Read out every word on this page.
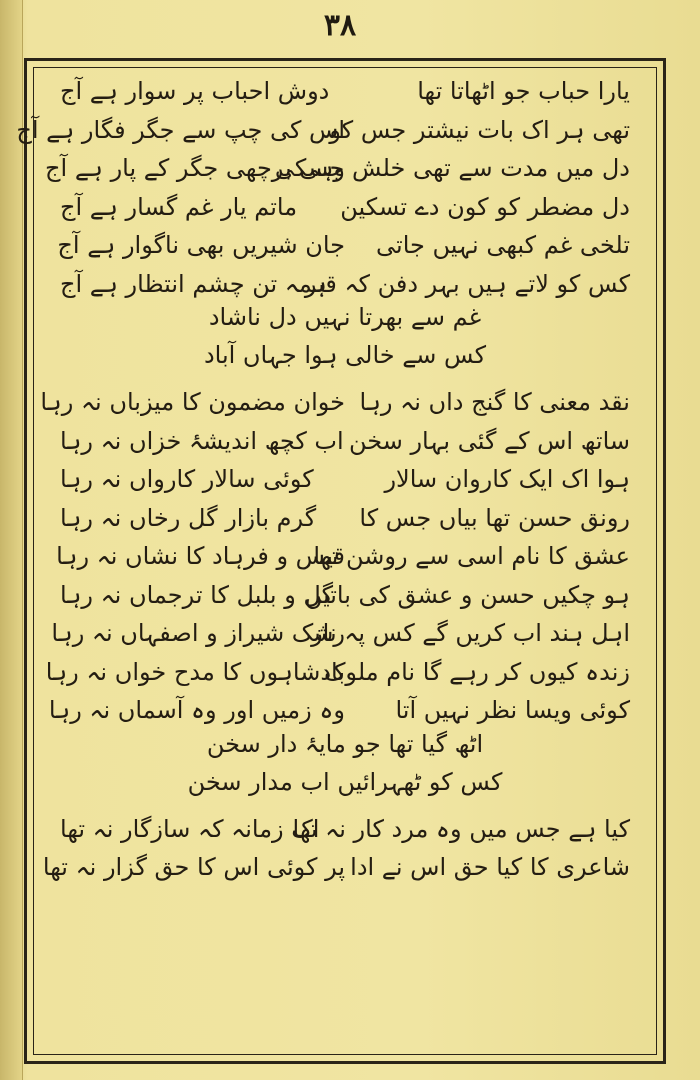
۳۸
یارا حباب جو اٹھاتا تھا
دوش احباب پر سوار ہے آج
تھی ہر اک بات نیشتر جس کو
اس کی چپ سے جگر فگار ہے آج
دل میں مدت سے تھی خلش جسکی
وہی برچھی جگر کے پار ہے آج
دل مضطر کو کون دے تسکین
ماتم یار غم گسار ہے آج
تلخی غم کبھی نہیں جاتی
جان شیریں بھی ناگوار ہے آج
کس کو لاتے ہیں بہر دفن کہ قبر
ہمہ تن چشم انتظار ہے آج
غم سے بھرتا نہیں دل ناشاد
کس سے خالی ہوا جہاں آباد
نقد معنی کا گنج داں نہ رہا
خوان مضمون کا میزباں نہ رہا
ساتھ اس کے گئی بہار سخن
اب کچھ اندیشۂ خزاں نہ رہا
ہوا اک ایک کاروان سالار
کوئی سالار کارواں نہ رہا
رونق حسن تھا بیاں جس کا
گرم بازار گل رخاں نہ رہا
عشق کا نام اسی سے روشن تھا
قیس و فرہاد کا نشاں نہ رہا
ہو چکیں حسن و عشق کی باتیں
گل و بلبل کا ترجماں نہ رہا
اہل ہند اب کریں گے کس پہ ناز
رشک شیراز و اصفہاں نہ رہا
زندہ کیوں کر رہے گا نام ملوک
بادشاہوں کا مدح خواں نہ رہا
کوئی ویسا نظر نہیں آتا
وہ زمیں اور وہ آسماں نہ رہا
اٹھ گیا تھا جو مایۂ دار سخن
کس کو ٹھہرائیں اب مدار سخن
کیا ہے جس میں وہ مرد کار نہ تھا
اک زمانہ کہ سازگار نہ تھا
شاعری کا کیا حق اس نے ادا
پر کوئی اس کا حق گزار نہ تھا
